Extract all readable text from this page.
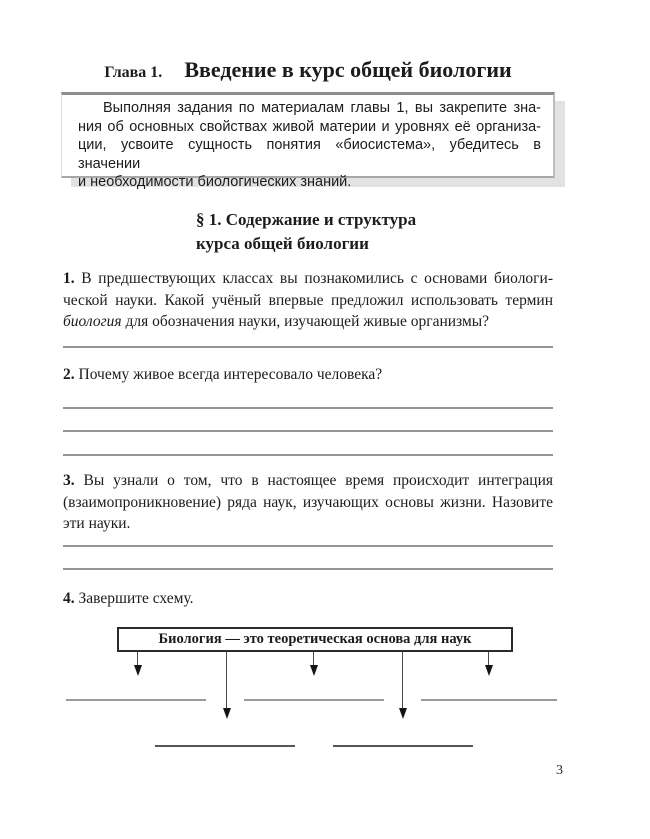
Глава 1. Введение в курс общей биологии
Выполняя задания по материалам главы 1, вы закрепите зна-
ния об основных свойствах живой материи и уровнях её организа-
ции, усвоите сущность понятия «биосистема», убедитесь в значении
и необходимости биологических знаний.
§ 1. Содержание и структура
курса общей биологии
1. В предшествующих классах вы познакомились с основами биологи-
ческой науки. Какой учёный впервые предложил использовать термин
биология для обозначения науки, изучающей живые организмы?
2. Почему живое всегда интересовало человека?
3. Вы узнали о том, что в настоящее время происходит интеграция
(взаимопроникновение) ряда наук, изучающих основы жизни. Назовите
эти науки.
4. Завершите схему.
Биология — это теоретическая основа для наук
3
